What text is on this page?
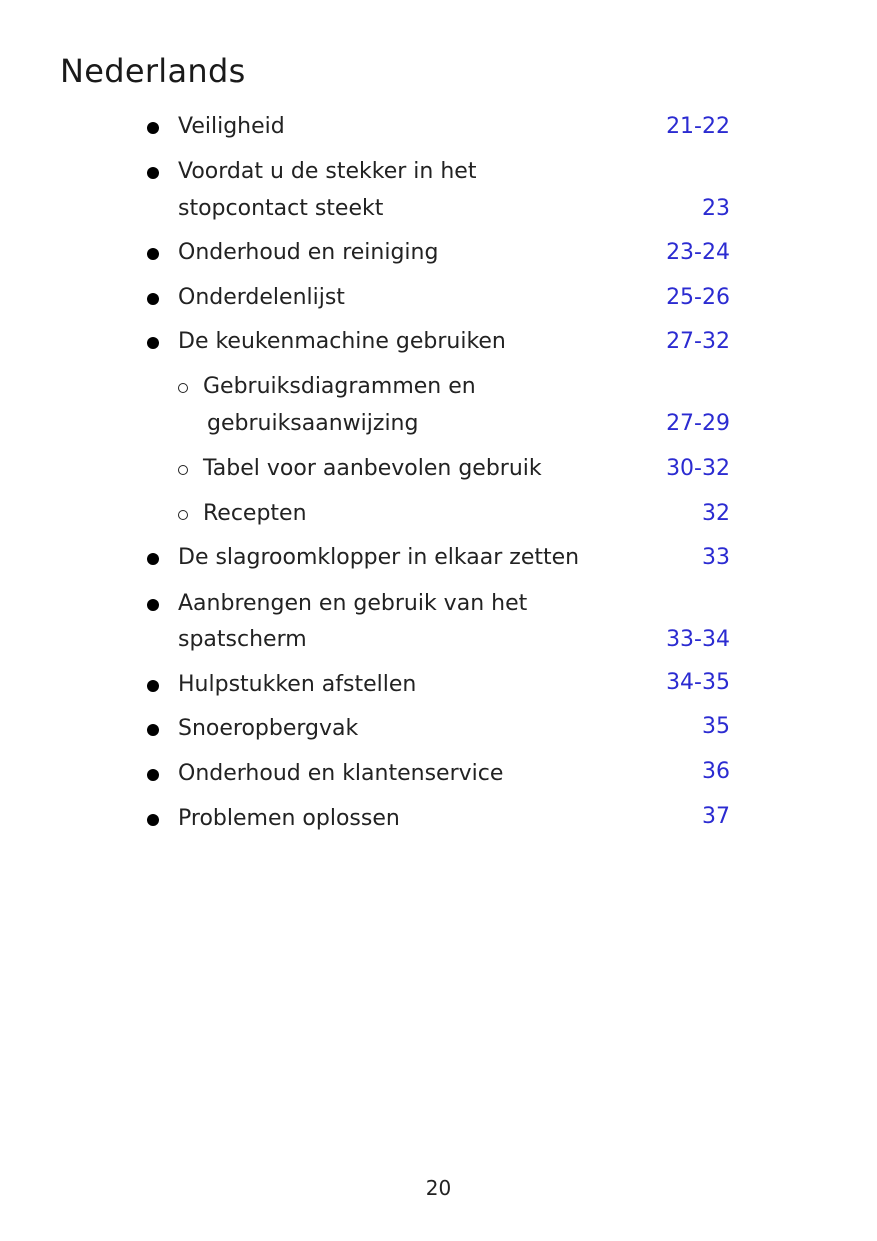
Nederlands
Veiligheid	21-22
Voordat u de stekker in het
stopcontact steekt	23
Onderhoud en reiniging	23-24
Onderdelenlijst	25-26
De keukenmachine gebruiken	27-32
Gebruiksdiagrammen en
gebruiksaanwijzing	27-29
Tabel voor aanbevolen gebruik	30-32
Recepten	32
De slagroomklopper in elkaar zetten	33
Aanbrengen en gebruik van het
spatscherm	33-34
Hulpstukken afstellen	34-35
Snoeropbergvak	35
Onderhoud en klantenservice	36
Problemen oplossen	37
20
